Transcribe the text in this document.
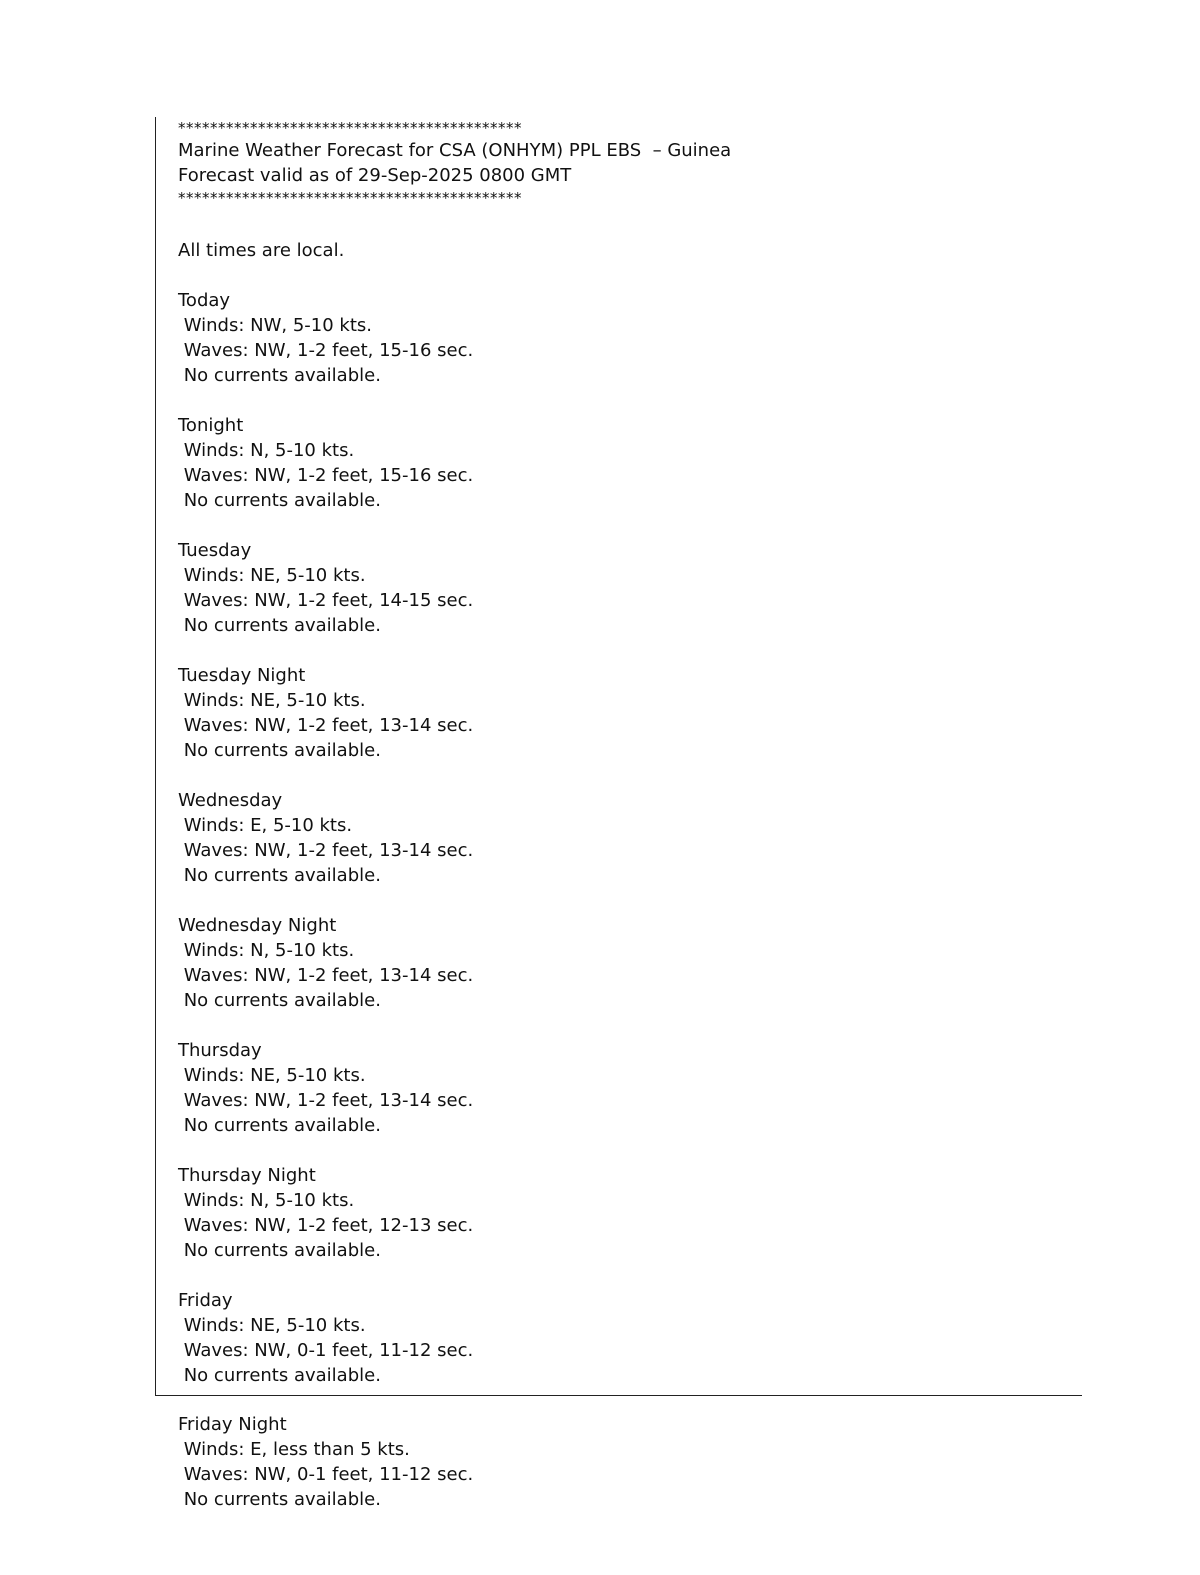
*******************************************
Marine Weather Forecast for CSA (ONHYM) PPL EBS  – Guinea
Forecast valid as of 29-Sep-2025 0800 GMT
*******************************************
All times are local.
Today
Winds: NW, 5-10 kts.
Waves: NW, 1-2 feet, 15-16 sec.
No currents available.
Tonight
Winds: N, 5-10 kts.
Waves: NW, 1-2 feet, 15-16 sec.
No currents available.
Tuesday
Winds: NE, 5-10 kts.
Waves: NW, 1-2 feet, 14-15 sec.
No currents available.
Tuesday Night
Winds: NE, 5-10 kts.
Waves: NW, 1-2 feet, 13-14 sec.
No currents available.
Wednesday
Winds: E, 5-10 kts.
Waves: NW, 1-2 feet, 13-14 sec.
No currents available.
Wednesday Night
Winds: N, 5-10 kts.
Waves: NW, 1-2 feet, 13-14 sec.
No currents available.
Thursday
Winds: NE, 5-10 kts.
Waves: NW, 1-2 feet, 13-14 sec.
No currents available.
Thursday Night
Winds: N, 5-10 kts.
Waves: NW, 1-2 feet, 12-13 sec.
No currents available.
Friday
Winds: NE, 5-10 kts.
Waves: NW, 0-1 feet, 11-12 sec.
No currents available.
Friday Night
Winds: E, less than 5 kts.
Waves: NW, 0-1 feet, 11-12 sec.
No currents available.
